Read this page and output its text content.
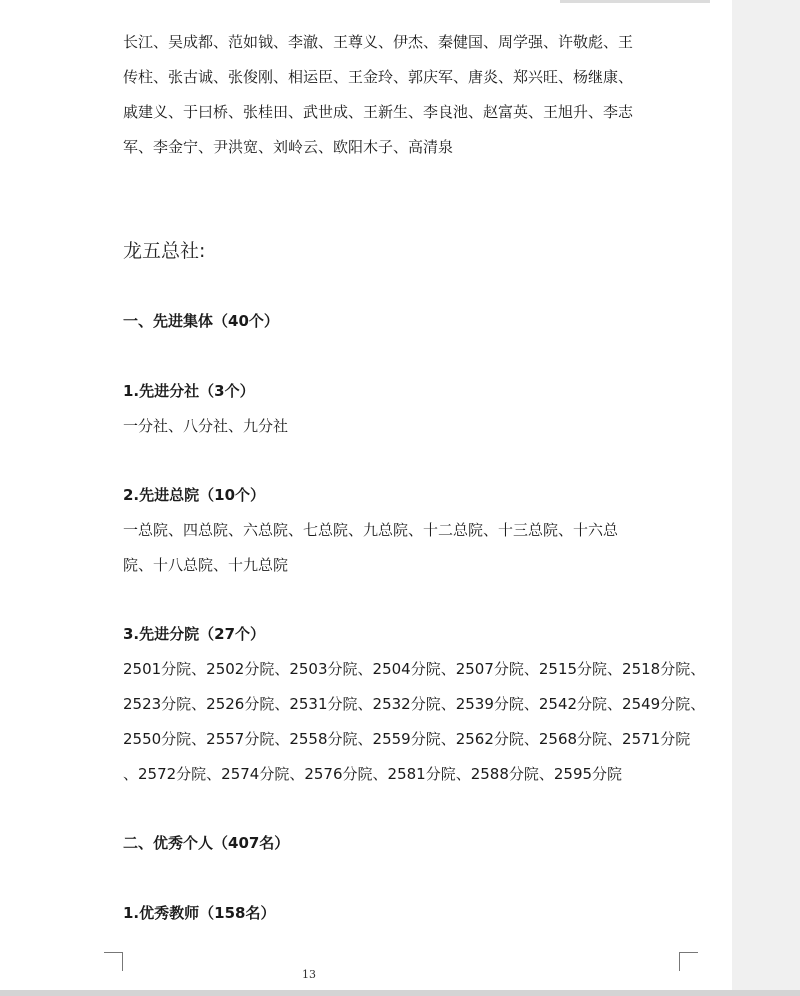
长江、吴成都、范如钺、李澈、王尊义、伊杰、秦健国、周学强、许敬彪、王

传柱、张古诚、张俊刚、相运臣、王金玲、郭庆军、唐炎、郑兴旺、杨继康、

戚建义、于曰桥、张桂田、武世成、王新生、李良池、赵富英、王旭升、李志

军、李金宁、尹洪宽、刘岭云、欧阳木子、高清泉

龙五总社:

一、先进集体（40个）

1.先进分社（3个）

一分社、八分社、九分社

2.先进总院（10个）

一总院、四总院、六总院、七总院、九总院、十二总院、十三总院、十六总

院、十八总院、十九总院

3.先进分院（27个）

2501分院、2502分院、2503分院、2504分院、2507分院、2515分院、2518分院、

2523分院、2526分院、2531分院、2532分院、2539分院、2542分院、2549分院、

2550分院、2557分院、2558分院、2559分院、2562分院、2568分院、2571分院

、2572分院、2574分院、2576分院、2581分院、2588分院、2595分院

二、优秀个人（407名）

1.优秀教师（158名）

13
